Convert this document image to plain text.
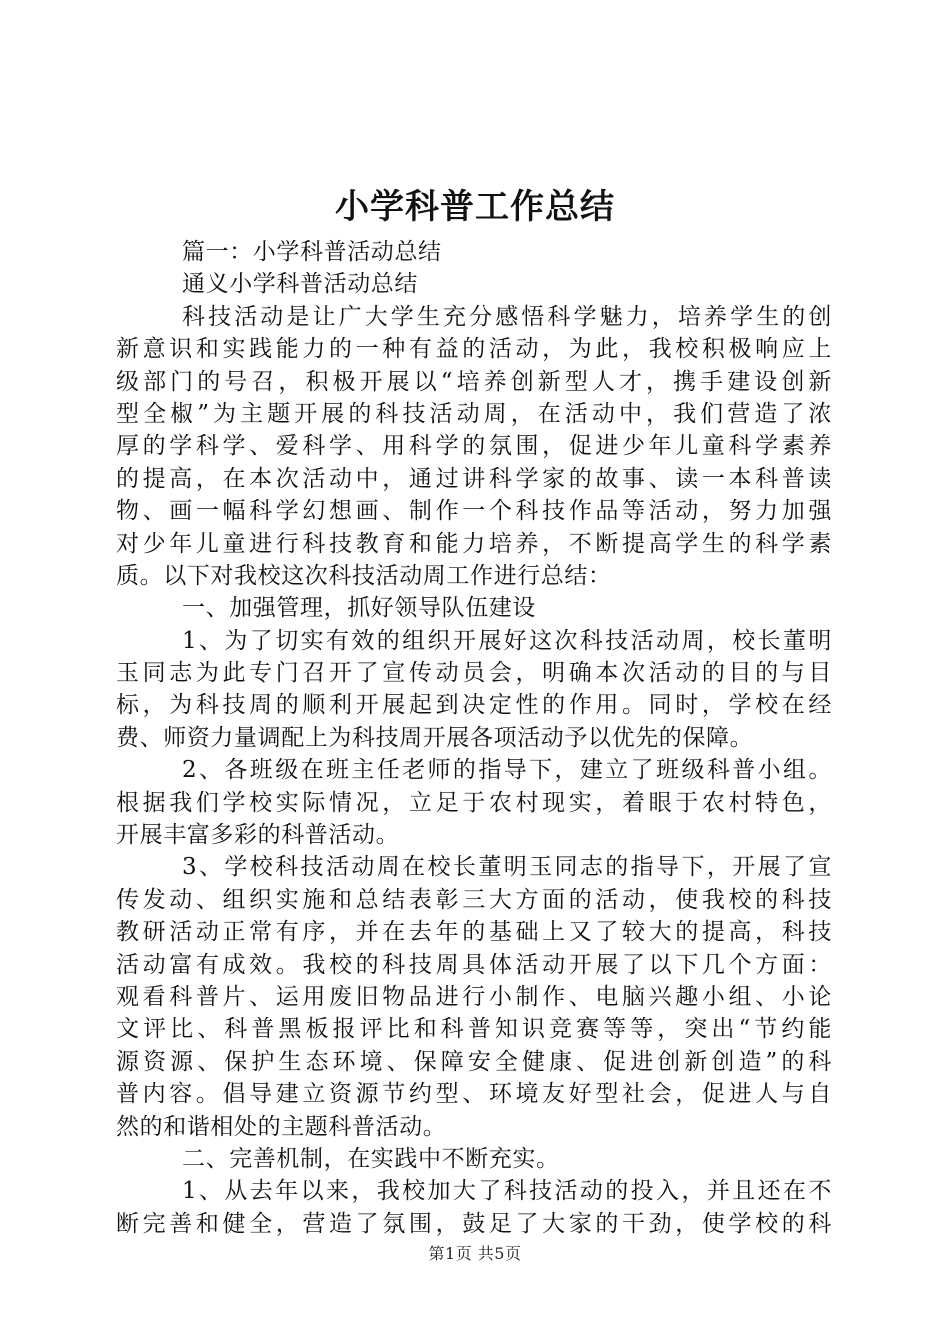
小学科普工作总结
篇一：小学科普活动总结
通义小学科普活动总结
科技活动是让广大学生充分感悟科学魅力，培养学生的创
新意识和实践能力的一种有益的活动，为此，我校积极响应上
级部门的号召，积极开展以“培养创新型人才，携手建设创新
型全椒”为主题开展的科技活动周，在活动中，我们营造了浓
厚的学科学、爱科学、用科学的氛围，促进少年儿童科学素养
的提高，在本次活动中，通过讲科学家的故事、读一本科普读
物、画一幅科学幻想画、制作一个科技作品等活动，努力加强
对少年儿童进行科技教育和能力培养，不断提高学生的科学素
质。以下对我校这次科技活动周工作进行总结：
一、加强管理，抓好领导队伍建设
1、为了切实有效的组织开展好这次科技活动周，校长董明
玉同志为此专门召开了宣传动员会，明确本次活动的目的与目
标，为科技周的顺利开展起到决定性的作用。同时，学校在经
费、师资力量调配上为科技周开展各项活动予以优先的保障。
2、各班级在班主任老师的指导下，建立了班级科普小组。
根据我们学校实际情况，立足于农村现实，着眼于农村特色，
开展丰富多彩的科普活动。
3、学校科技活动周在校长董明玉同志的指导下，开展了宣
传发动、组织实施和总结表彰三大方面的活动，使我校的科技
教研活动正常有序，并在去年的基础上又了较大的提高，科技
活动富有成效。我校的科技周具体活动开展了以下几个方面：
观看科普片、运用废旧物品进行小制作、电脑兴趣小组、小论
文评比、科普黑板报评比和科普知识竞赛等等，突出“节约能
源资源、保护生态环境、保障安全健康、促进创新创造”的科
普内容。倡导建立资源节约型、环境友好型社会，促进人与自
然的和谐相处的主题科普活动。
二、完善机制，在实践中不断充实。
1、从去年以来，我校加大了科技活动的投入，并且还在不
断完善和健全，营造了氛围，鼓足了大家的干劲，使学校的科
第1页 共5页
